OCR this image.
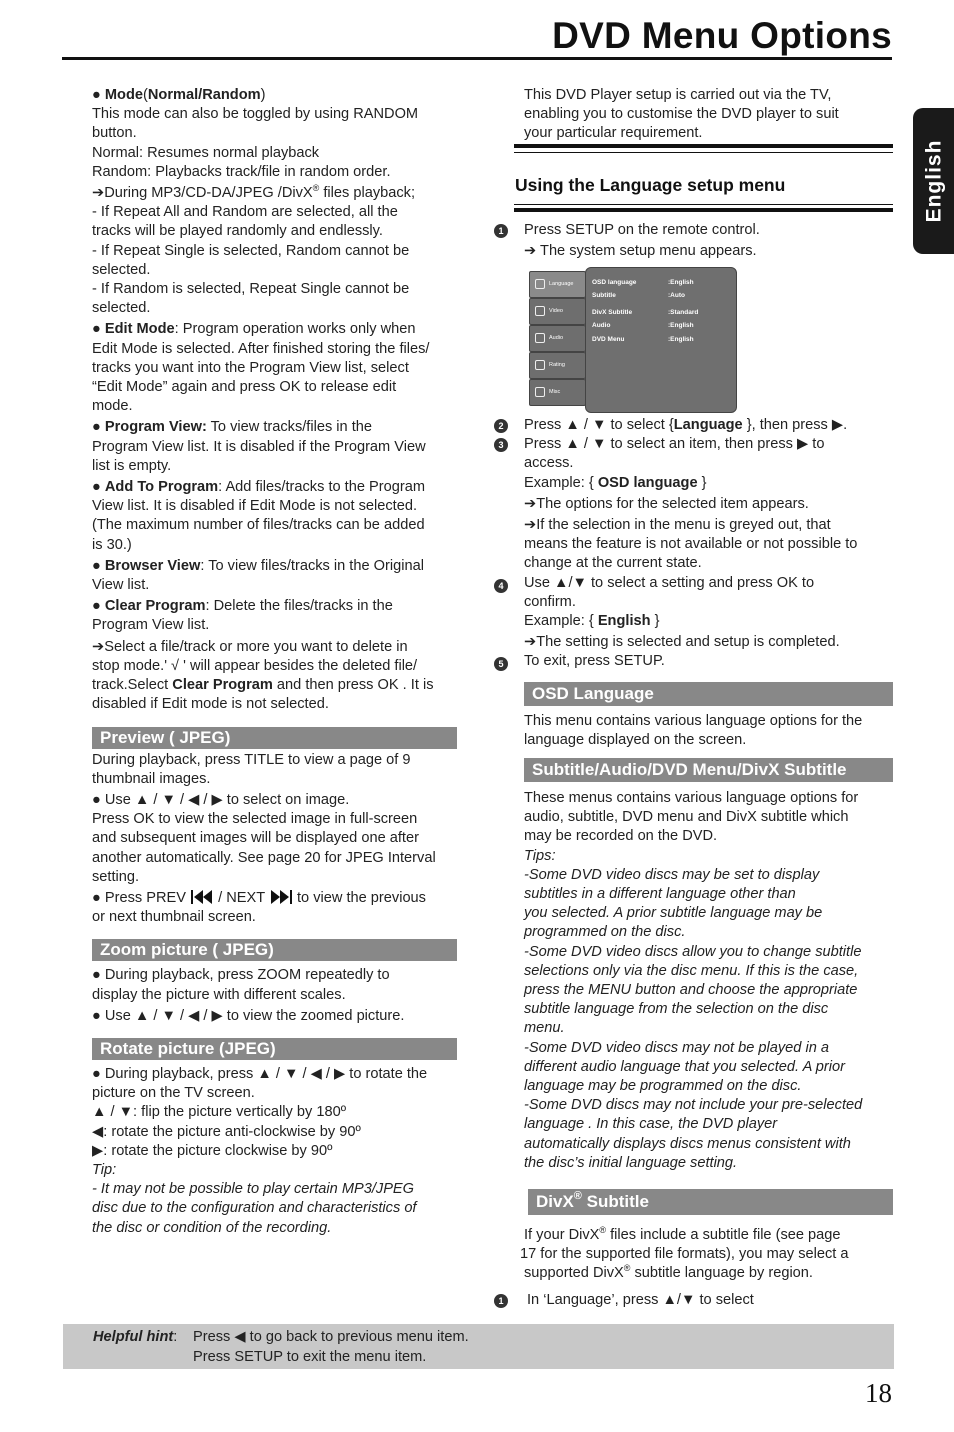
DVD Menu Options
English

● Mode(Normal/Random)

This mode can also be toggled by using RANDOM

button.

Normal: Resumes normal playback

Random: Playbacks track/file in random order.

➔During MP3/CD-DA/JPEG /DivX® files playback;

- If Repeat All and Random are selected, all the

tracks will be played randomly and endlessly.

- If Repeat Single is selected, Random cannot be

selected.

- If Random is selected, Repeat Single cannot be

selected.

● Edit Mode: Program operation works only when

Edit Mode is selected. After finished storing the files/

tracks you want into the Program View list, select

“Edit Mode” again and press OK to release edit

mode.

● Program View: To view tracks/files in the

Program View list. It is disabled if the Program View

list is empty.

● Add To Program: Add files/tracks to the Program

View list. It is disabled if Edit Mode is not selected.

(The maximum number of files/tracks can be added

is 30.)

● Browser View: To view files/tracks in the Original

View list.

● Clear Program: Delete the files/tracks in the

Program View list.

➔Select a file/track or more you want to delete in

stop mode.' √ ' will appear besides the deleted file/

track.Select Clear Program and then press OK . It is

disabled if Edit mode is not selected.

Preview ( JPEG)

During playback, press TITLE to view a page of 9

thumbnail images.

● Use ▲ / ▼ / ◀ / ▶ to select on image.

Press OK to view the selected image in full-screen

and subsequent images will be displayed one after

another automatically. See page 20 for JPEG Interval

setting.

● Press PREV  / NEXT  to view the previous

or next thumbnail screen.

Zoom picture ( JPEG)

● During playback, press ZOOM repeatedly to

display the picture with different scales.

● Use ▲ / ▼ / ◀ / ▶ to view the zoomed picture.

Rotate picture (JPEG)

● During playback, press ▲ / ▼ / ◀ / ▶ to rotate the

picture on the TV screen.

▲ / ▼: flip the picture vertically by 180º

◀: rotate the picture anti-clockwise by 90º

▶: rotate the picture clockwise by 90º

Tip:

- It may not be possible to play certain MP3/JPEG

disc due to the configuration and characteristics of

the disc or condition of the recording.

This DVD Player setup is carried out via the TV,

enabling you to customise the DVD player to suit

your particular requirement.

Using the Language setup menu
1	Press SETUP on the remote control.

➔ The system setup menu appears.

Language
Video
Audio
Rating
Misc
OSD language	:English
Subtitle	:Auto
DivX Subtitle	:Standard
Audio	:English
DVD Menu	:English
2
3
4
5

Press ▲ / ▼ to select {Language }, then press ▶.

Press ▲ / ▼ to select an item, then press ▶ to

access.

Example: { OSD language }

➔The options for the selected item appears.

➔If the selection in the menu is greyed out, that

means the feature is not available or not possible to

change at the current state.

Use ▲/▼ to select a setting and press OK to

confirm.

Example: { English }

➔The setting is selected and setup is completed.

To exit, press SETUP.

OSD Language

This menu contains various language options for the

language displayed on the screen.

Subtitle/Audio/DVD Menu/DivX Subtitle

These menus contains various language options for

audio, subtitle, DVD menu and DivX subtitle which

may be recorded on the DVD.

Tips:

-Some DVD video discs may be set to display

subtitles in a different language other than

you selected. A prior subtitle language may be

programmed on the disc.

-Some DVD video discs allow you to change subtitle

selections only via the disc menu. If this is the case,

press the MENU button and choose the appropriate

subtitle language from the selection on the disc

menu.

-Some DVD video discs may not be played in a

different audio language that you selected. A prior

language may be programmed on the disc.

-Some DVD discs may not include your pre-selected

language . In this case, the DVD player

automatically displays discs menus consistent with

the disc’s initial language setting.

DivX® Subtitle

If your DivX® files include a subtitle file (see page

17 for the supported file formats), you may select a

supported DivX® subtitle language by region.

1	In ‘Language’, press ▲/▼ to select
Helpful hint: Press ◀ to go back to previous menu item.
Press SETUP to exit the menu item.
18
